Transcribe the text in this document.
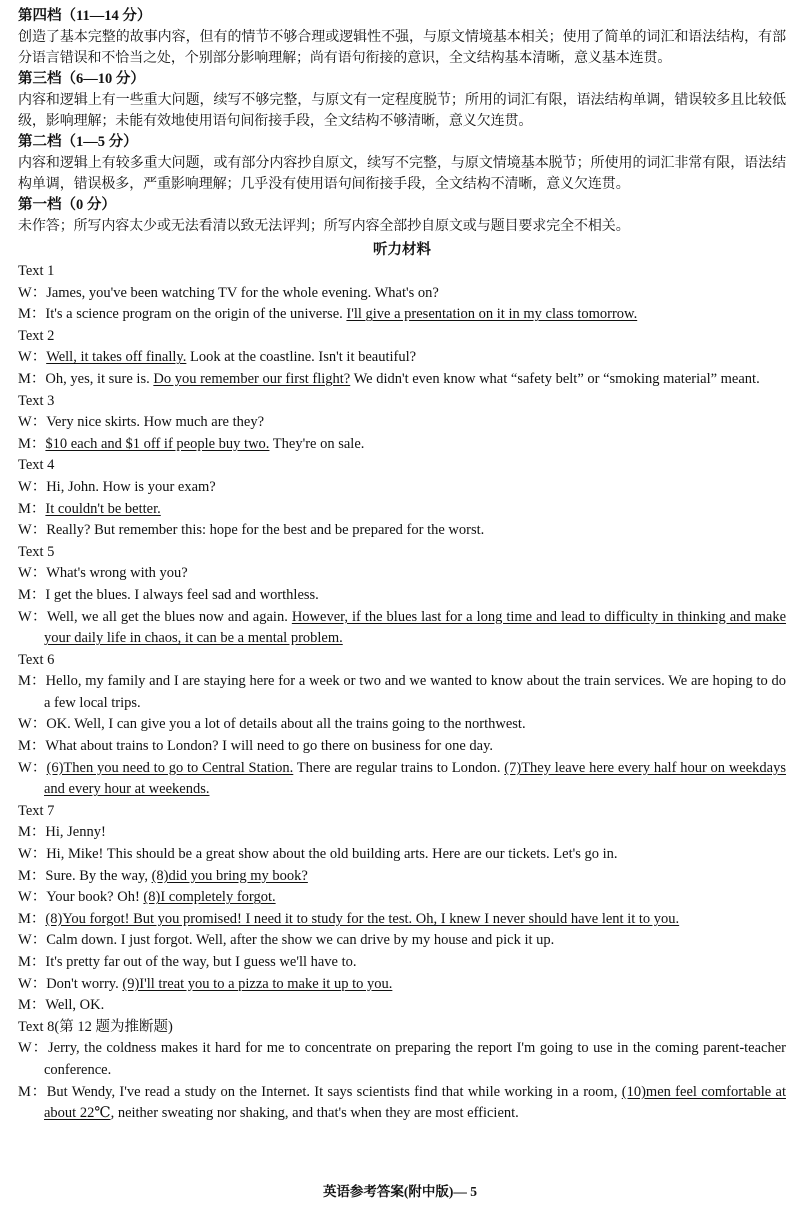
第四档（11—14 分）
创造了基本完整的故事内容，但有的情节不够合理或逻辑性不强，与原文情境基本相关；使用了简单的词汇和语法结构，有部分语言错误和不恰当之处，个别部分影响理解；尚有语句衔接的意识，全文结构基本清晰，意义基本连贯。
第三档（6—10 分）
内容和逻辑上有一些重大问题，续写不够完整，与原文有一定程度脱节；所用的词汇有限，语法结构单调，错误较多且比较低级，影响理解；未能有效地使用语句间衔接手段，全文结构不够清晰，意义欠连贯。
第二档（1—5 分）
内容和逻辑上有较多重大问题，或有部分内容抄自原文，续写不完整，与原文情境基本脱节；所使用的词汇非常有限，语法结构单调，错误极多，严重影响理解；几乎没有使用语句间衔接手段，全文结构不清晰，意义欠连贯。
第一档（0 分）
未作答；所写内容太少或无法看清以致无法评判；所写内容全部抄自原文或与题目要求完全不相关。
听力材料
Text 1
W：James, you've been watching TV for the whole evening. What's on?
M：It's a science program on the origin of the universe. I'll give a presentation on it in my class tomorrow.
Text 2
W：Well, it takes off finally. Look at the coastline. Isn't it beautiful?
M：Oh, yes, it sure is. Do you remember our first flight? We didn't even know what “safety belt” or “smoking material” meant.
Text 3
W：Very nice skirts. How much are they?
M：$10 each and $1 off if people buy two. They're on sale.
Text 4
W：Hi, John. How is your exam?
M：It couldn't be better.
W：Really? But remember this: hope for the best and be prepared for the worst.
Text 5
W：What's wrong with you?
M：I get the blues. I always feel sad and worthless.
W：Well, we all get the blues now and again. However, if the blues last for a long time and lead to difficulty in thinking and make your daily life in chaos, it can be a mental problem.
Text 6
M：Hello, my family and I are staying here for a week or two and we wanted to know about the train services. We are hoping to do a few local trips.
W：OK. Well, I can give you a lot of details about all the trains going to the northwest.
M：What about trains to London? I will need to go there on business for one day.
W：(6)Then you need to go to Central Station. There are regular trains to London. (7)They leave here every half hour on weekdays and every hour at weekends.
Text 7
M：Hi, Jenny!
W：Hi, Mike! This should be a great show about the old building arts. Here are our tickets. Let's go in.
M：Sure. By the way, (8)did you bring my book?
W：Your book? Oh! (8)I completely forgot.
M：(8)You forgot! But you promised! I need it to study for the test. Oh, I knew I never should have lent it to you.
W：Calm down. I just forgot. Well, after the show we can drive by my house and pick it up.
M：It's pretty far out of the way, but I guess we'll have to.
W：Don't worry. (9)I'll treat you to a pizza to make it up to you.
M：Well, OK.
Text 8(第 12 题为推断题)
W：Jerry, the coldness makes it hard for me to concentrate on preparing the report I'm going to use in the coming parent-teacher conference.
M：But Wendy, I've read a study on the Internet. It says scientists find that while working in a room, (10)men feel comfortable at about 22℃, neither sweating nor shaking, and that's when they are most efficient.
英语参考答案(附中版)— 5
